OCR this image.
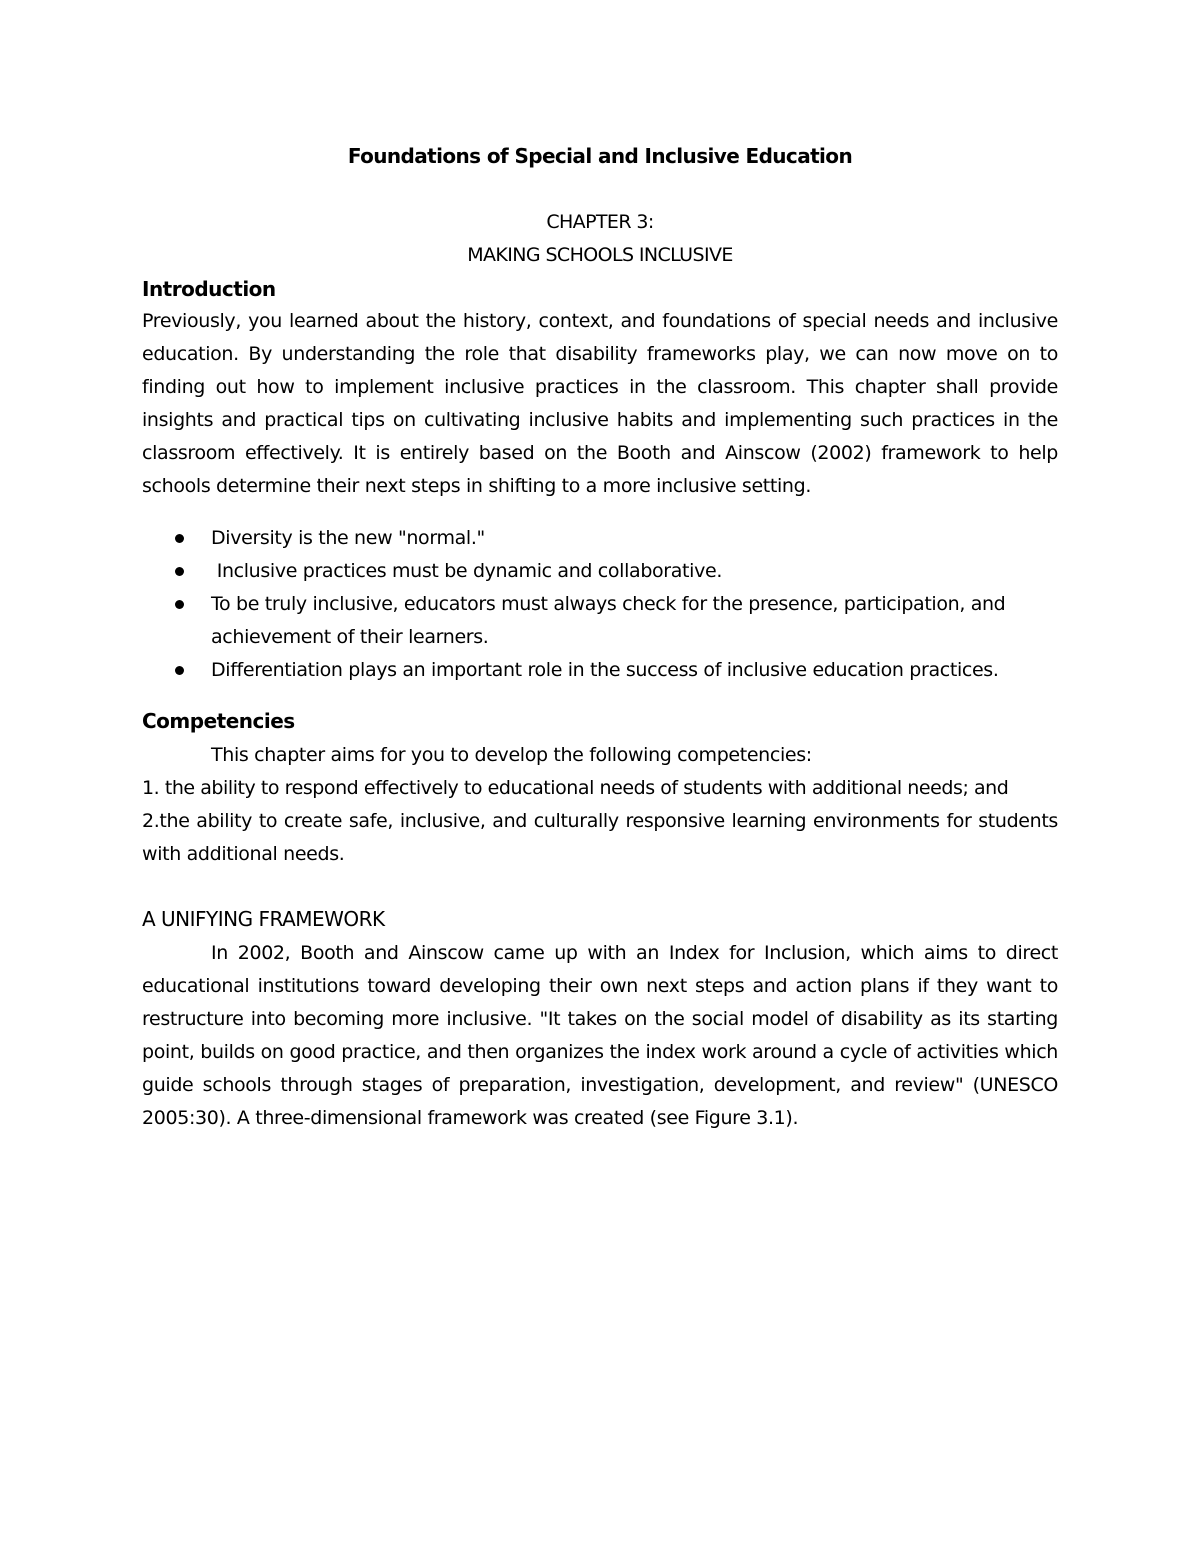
Foundations of Special and Inclusive Education
CHAPTER 3:
MAKING SCHOOLS INCLUSIVE
Introduction
Previously, you learned about the history, context, and foundations of special needs and inclusive education. By understanding the role that disability frameworks play, we can now move on to finding out how to implement inclusive practices in the classroom. This chapter shall provide insights and practical tips on cultivating inclusive habits and implementing such practices in the classroom effectively. It is entirely based on the Booth and Ainscow (2002) framework to help schools determine their next steps in shifting to a more inclusive setting.
Diversity is the new "normal."
Inclusive practices must be dynamic and collaborative.
To be truly inclusive, educators must always check for the presence, participation, and achievement of their learners.
Differentiation plays an important role in the success of inclusive education practices.
Competencies
This chapter aims for you to develop the following competencies:
1. the ability to respond effectively to educational needs of students with additional needs; and
2.the ability to create safe, inclusive, and culturally responsive learning environments for students with additional needs.
A UNIFYING FRAMEWORK
In 2002, Booth and Ainscow came up with an Index for Inclusion, which aims to direct educational institutions toward developing their own next steps and action plans if they want to restructure into becoming more inclusive. "It takes on the social model of disability as its starting point, builds on good practice, and then organizes the index work around a cycle of activities which guide schools through stages of preparation, investigation, development, and review" (UNESCO 2005:30). A three-dimensional framework was created (see Figure 3.1).
